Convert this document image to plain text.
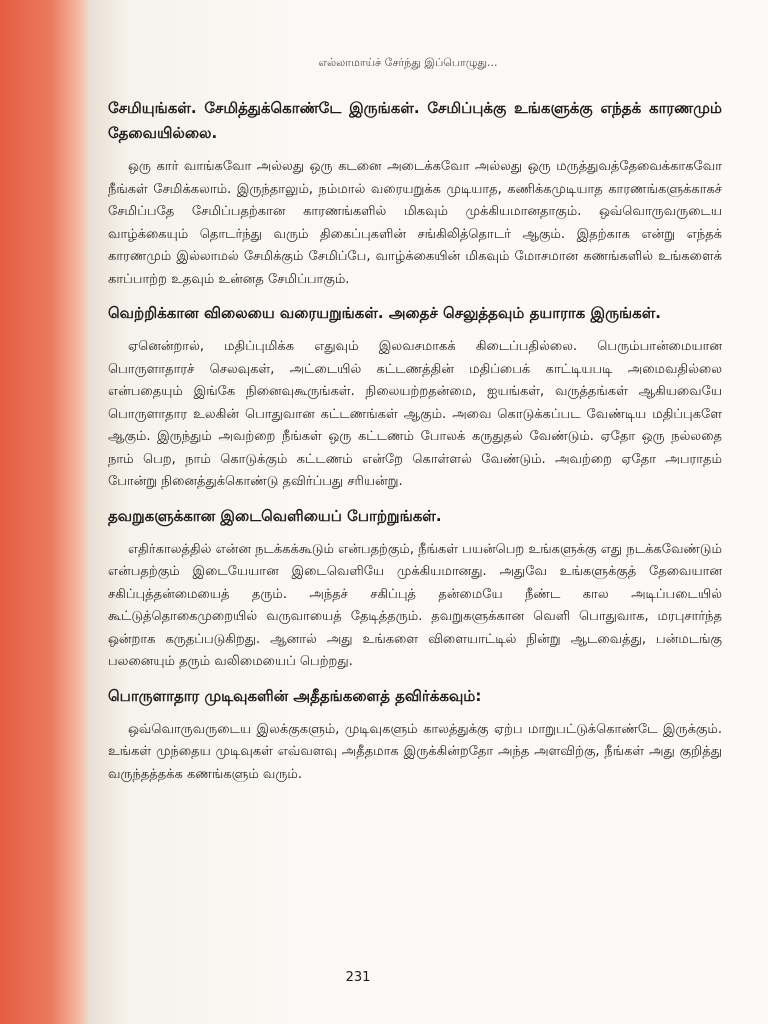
எல்லாமாய்ச் சேர்ந்து இப்பொழுது...

சேமியுங்கள். சேமித்துக்கொண்டே இருங்கள். சேமிப்புக்கு உங்களுக்கு எந்தக் காரணமும் தேவையில்லை.

ஒரு கார் வாங்கவோ அல்லது ஒரு கடனை அடைக்கவோ அல்லது ஒரு மருத்துவத்தேவைக்காகவோ நீங்கள் சேமிக்கலாம். இருந்தாலும், நம்மால் வரையறுக்க முடியாத, கணிக்கமுடியாத காரணங்களுக்காகச் சேமிப்பதே சேமிப்பதற்கான காரணங்களில் மிகவும் முக்கியமானதாகும். ஒவ்வொருவருடைய வாழ்க்கையும் தொடர்ந்து வரும் திகைப்புகளின் சங்கிலித்தொடர் ஆகும். இதற்காக என்று எந்தக் காரணமும் இல்லாமல் சேமிக்கும் சேமிப்பே, வாழ்க்கையின் மிகவும் மோசமான கணங்களில் உங்களைக் காப்பாற்ற உதவும் உன்னத சேமிப்பாகும்.

வெற்றிக்கான விலையை வரையறுங்கள். அதைச் செலுத்தவும் தயாராக இருங்கள்.

ஏனென்றால், மதிப்புமிக்க எதுவும் இலவசமாகக் கிடைப்பதில்லை. பெரும்பான்மையான பொருளாதாரச் செலவுகள், அட்டையில் கட்டணத்தின் மதிப்பைக் காட்டியபடி அமைவதில்லை என்பதையும் இங்கே நினைவுகூருங்கள். நிலையற்றதன்மை, ஐயங்கள், வருத்தங்கள் ஆகியவையே பொருளாதார உலகின் பொதுவான கட்டணங்கள் ஆகும். அவை கொடுக்கப்பட வேண்டிய மதிப்புகளே ஆகும். இருந்தும் அவற்றை நீங்கள் ஒரு கட்டணம் போலக் கருதுதல் வேண்டும். ஏதோ ஒரு நல்லதை நாம் பெற, நாம் கொடுக்கும் கட்டணம் என்றே கொள்ளல் வேண்டும். அவற்றை ஏதோ அபராதம் போன்று நினைத்துக்கொண்டு தவிர்ப்பது சரியன்று.

தவறுகளுக்கான இடைவெளியைப் போற்றுங்கள்.

எதிர்காலத்தில் என்ன நடக்கக்கூடும் என்பதற்கும், நீங்கள் பயன்பெற உங்களுக்கு எது நடக்கவேண்டும் என்பதற்கும் இடையேயான இடைவெளியே முக்கியமானது. அதுவே உங்களுக்குத் தேவையான சகிப்புத்தன்மையைத் தரும். அந்தச் சகிப்புத் தன்மையே நீண்ட கால அடிப்படையில் கூட்டுத்தொகைமுறையில் வருவாயைத் தேடித்தரும். தவறுகளுக்கான வெளி பொதுவாக, மரபுசார்ந்த ஒன்றாக கருதப்படுகிறது. ஆனால் அது உங்களை விளையாட்டில் நின்று ஆடவைத்து, பன்மடங்கு பலனையும் தரும் வலிமையைப் பெற்றது.

பொருளாதார முடிவுகளின் அதீதங்களைத் தவிர்க்கவும்:

ஒவ்வொருவருடைய இலக்குகளும், முடிவுகளும் காலத்துக்கு ஏற்ப மாறுபட்டுக்கொண்டே இருக்கும். உங்கள் முந்தைய முடிவுகள் எவ்வளவு அதீதமாக இருக்கின்றதோ அந்த அளவிற்கு, நீங்கள் அது குறித்து வருந்தத்தக்க கணங்களும் வரும்.

231
